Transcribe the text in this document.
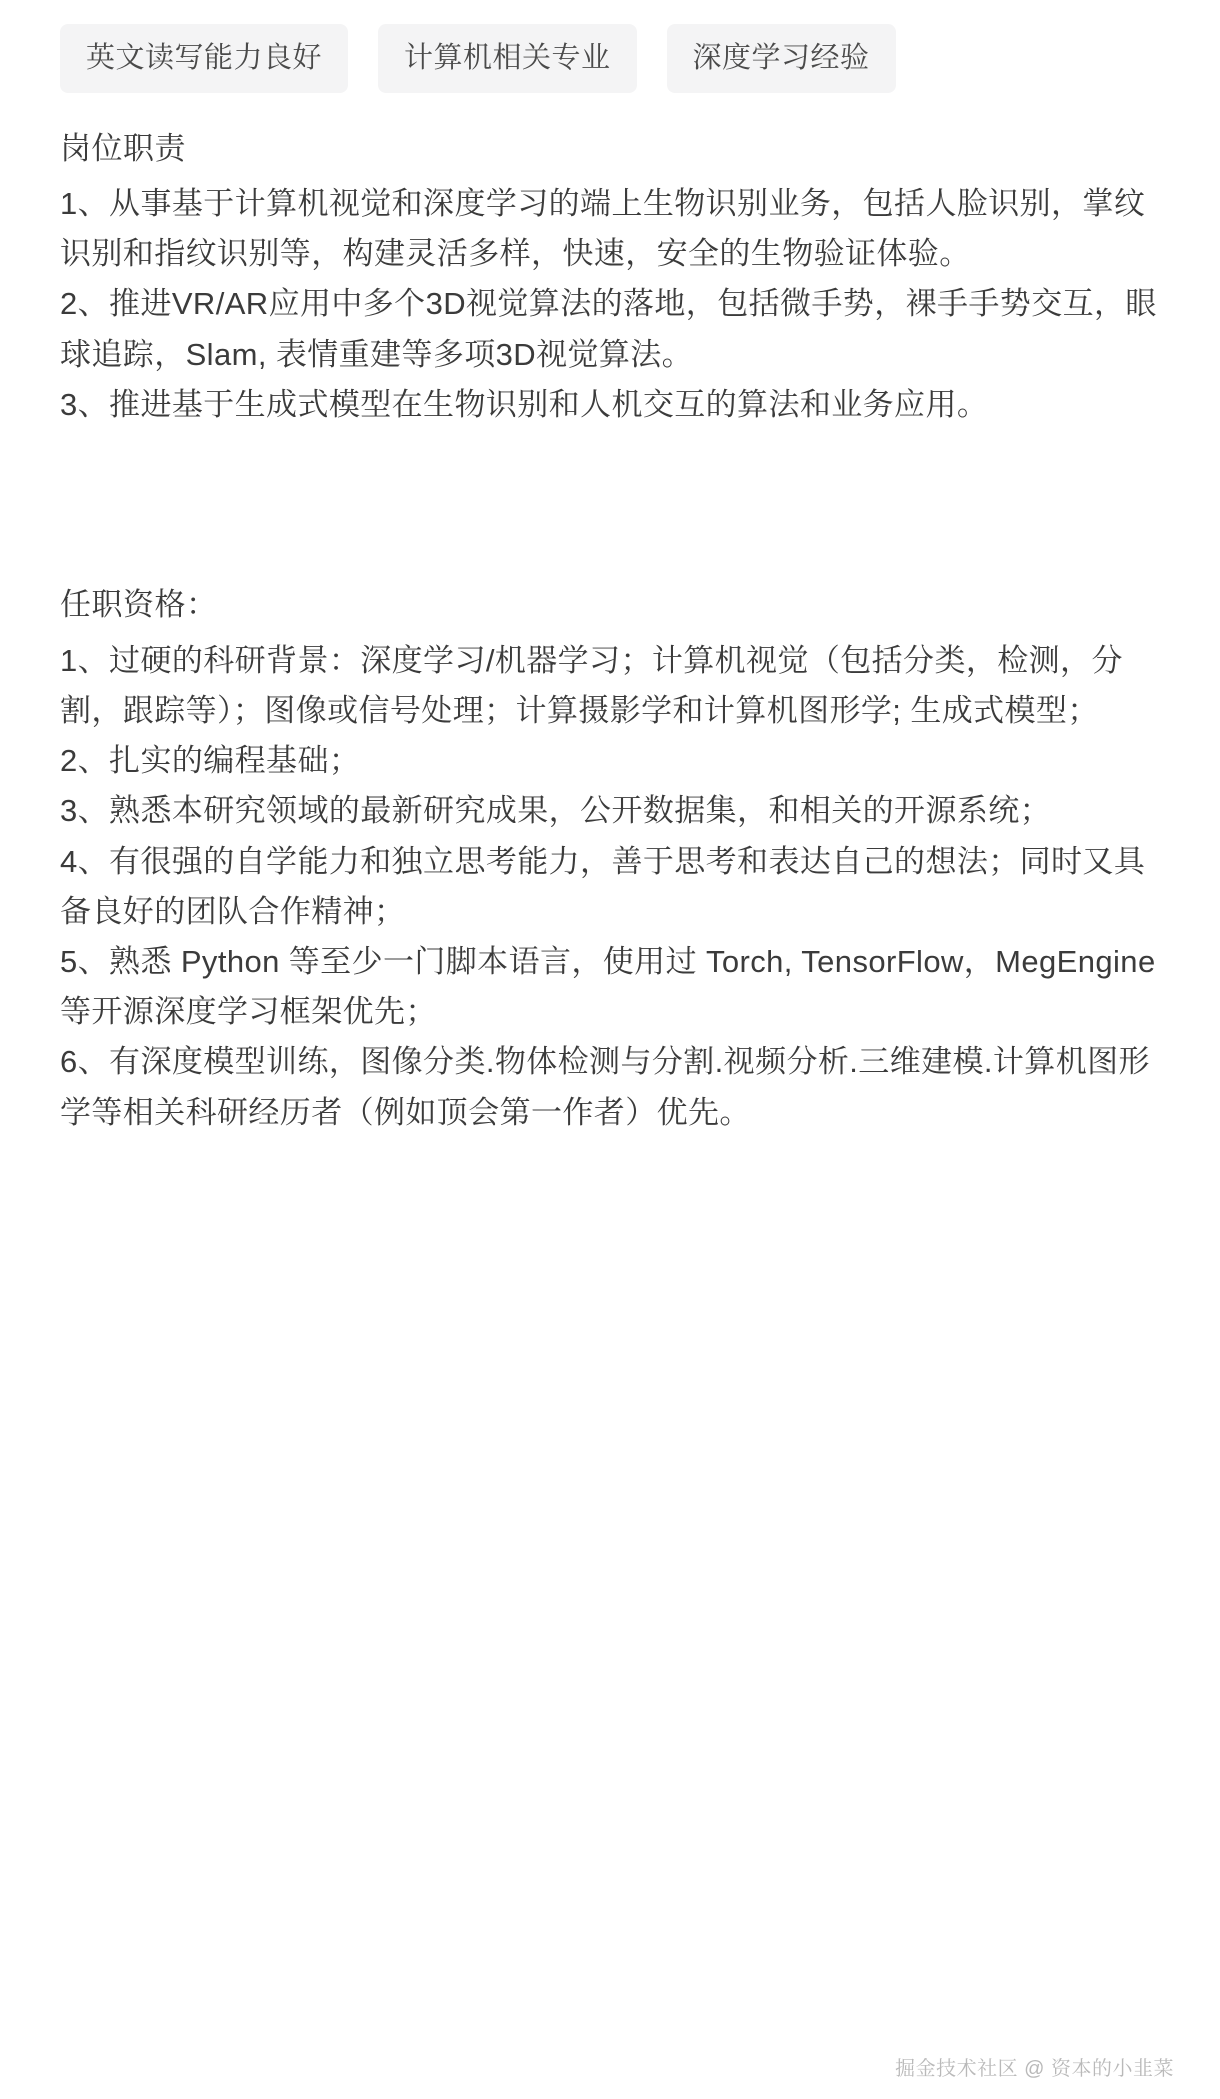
英文读写能力良好	计算机相关专业	深度学习经验
岗位职责

1、从事基于计算机视觉和深度学习的端上生物识别业务，包括人脸识别，掌纹识别和指纹识别等，构建灵活多样，快速，安全的生物验证体验。

2、推进VR/AR应用中多个3D视觉算法的落地，包括微手势，裸手手势交互，眼球追踪，Slam, 表情重建等多项3D视觉算法。

3、推进基于生成式模型在生物识别和人机交互的算法和业务应用。

任职资格：

1、过硬的科研背景：深度学习/机器学习；计算机视觉（包括分类，检测，分割，跟踪等）；图像或信号处理；计算摄影学和计算机图形学; 生成式模型；

2、扎实的编程基础；

3、熟悉本研究领域的最新研究成果，公开数据集，和相关的开源系统；

4、有很强的自学能力和独立思考能力，善于思考和表达自己的想法；同时又具备良好的团队合作精神；

5、熟悉 Python 等至少一门脚本语言，使用过 Torch, TensorFlow，MegEngine 等开源深度学习框架优先；

6、有深度模型训练，图像分类.物体检测与分割.视频分析.三维建模.计算机图形学等相关科研经历者（例如顶会第一作者）优先。

掘金技术社区 @ 资本的小韭菜
